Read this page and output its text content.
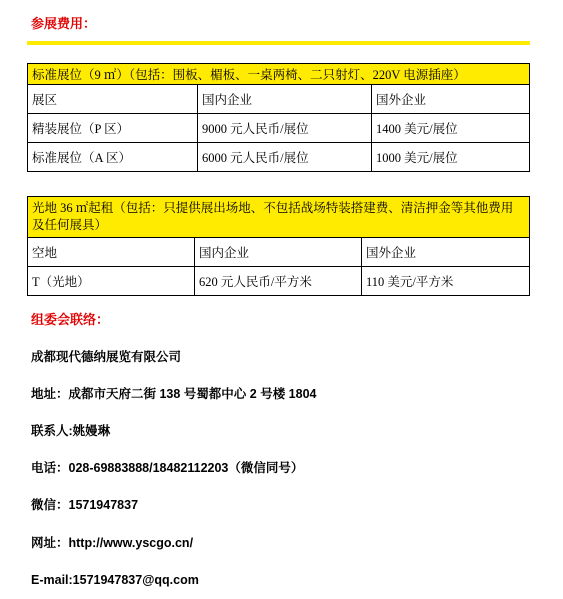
参展费用：
标准展位（9 ㎡）（包括：围板、楣板、一桌两椅、二只射灯、220V 电源插座）		
展区	国内企业	国外企业
精装展位（P 区）	9000 元人民币/展位	1400 美元/展位
标准展位（A 区）	6000 元人民币/展位	1000 美元/展位
光地 36 ㎡起租（包括：只提供展出场地、不包括战场特装搭建费、清洁押金等其他费用及任何展具）		
空地	国内企业	国外企业
T（光地）	620 元人民币/平方米	110 美元/平方米
组委会联络：
成都现代德纳展览有限公司
地址：成都市天府二街 138 号蜀都中心 2 号楼 1804
联系人:姚嫚琳
电话：028-69883888/18482112203（微信同号）
微信：1571947837
网址：http://www.yscgo.cn/
E-mail:1571947837@qq.com
